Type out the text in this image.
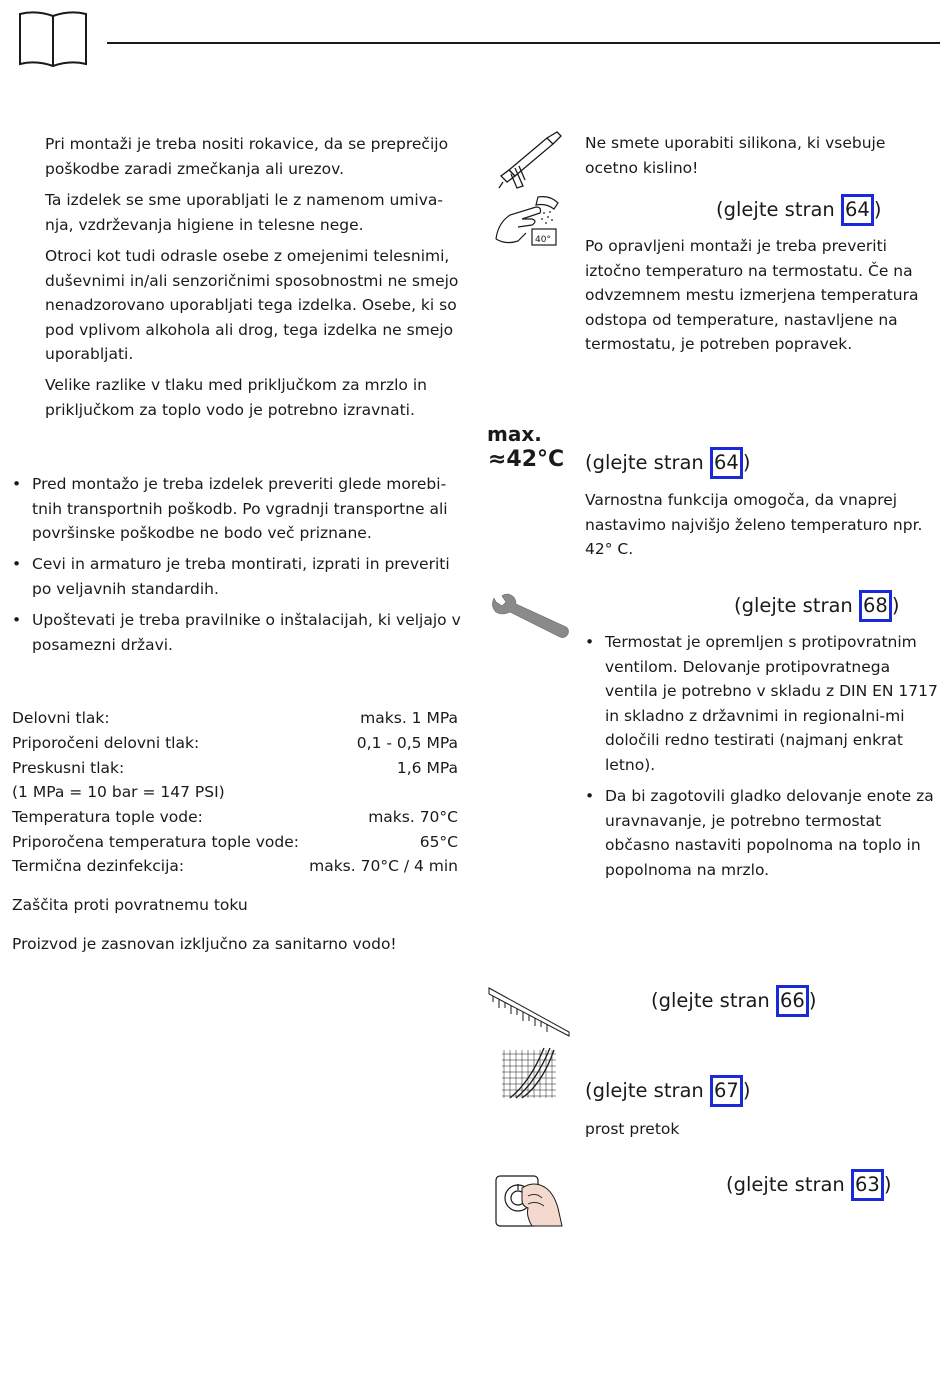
Pri montaži je treba nositi rokavice, da se preprečijo poškodbe zaradi zmečkanja ali urezov.

Ta izdelek se sme uporabljati le z namenom umiva-nja, vzdrževanja higiene in telesne nege.

Otroci kot tudi odrasle osebe z omejenimi telesnimi, duševnimi in/ali senzoričnimi sposobnostmi ne smejo nenadzorovano uporabljati tega izdelka. Osebe, ki so pod vplivom alkohola ali drog, tega izdelka ne smejo uporabljati.

Velike razlike v tlaku med priključkom za mrzlo in priključkom za toplo vodo je potrebno izravnati.

• Pred montažo je treba izdelek preveriti glede morebi-tnih transportnih poškodb. Po vgradnji transportne ali površinske poškodbe ne bodo več priznane.
• Cevi in armaturo je treba montirati, izprati in preveriti po veljavnih standardih.
• Upoštevati je treba pravilnike o inštalacijah, ki veljajo v posamezni državi.
Delovni tlak:	maks. 1 MPa
Priporočeni delovni tlak:	0,1 - 0,5 MPa
Preskusni tlak:	1,6 MPa
(1 MPa = 10 bar = 147 PSI)
Temperatura tople vode:	maks. 70°C
Priporočena temperatura tople vode:	65°C
Termična dezinfekcija:	maks. 70°C / 4 min

Zaščita proti povratnemu toku

Proizvod je zasnovan izključno za sanitarno vodo!

Ne smete uporabiti silikona, ki vsebuje ocetno kislino!

40°
(glejte stran 64 )

Po opravljeni montaži je treba preveriti iztočno temperaturo na termostatu. Če na odvzemnem mestu izmerjena temperatura odstopa od temperature, nastavljene na termostatu, je potreben popravek.

max.
≈42°C (glejte stran 64 )

Varnostna funkcija omogoča, da vnaprej nastavimo najvišjo želeno temperaturo npr. 42° C.

(glejte stran 68 )
• Termostat je opremljen s protipovratnim ventilom. Delovanje protipovratnega ventila je potrebno v skladu z DIN EN 1717 in skladno z državnimi in regionalni-mi določili redno testirati (najmanj enkrat letno).
• Da bi zagotovili gladko delovanje enote za uravnavanje, je potrebno termostat občasno nastaviti popolnoma na toplo in popolnoma na mrzlo.
(glejte stran 66 )
(glejte stran 67 )

prost pretok

(glejte stran 63 )
